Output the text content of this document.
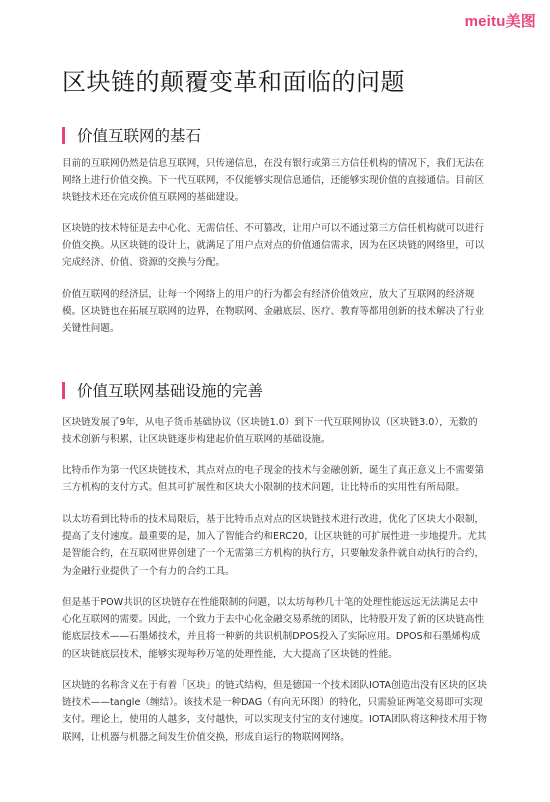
meitu美图
区块链的颠覆变革和面临的问题
价值互联网的基石

目前的互联网仍然是信息互联网，只传递信息，在没有银行或第三方信任机构的情况下，我们无法在
网络上进行价值交换。下一代互联网，不仅能够实现信息通信，还能够实现价值的直接通信。目前区
块链技术还在完成价值互联网的基础建设。

区块链的技术特征是去中心化、无需信任、不可篡改，让用户可以不通过第三方信任机构就可以进行
价值交换。从区块链的设计上，就满足了用户点对点的价值通信需求，因为在区块链的网络里，可以
完成经济、价值、资源的交换与分配。

价值互联网的经济层，让每一个网络上的用户的行为都会有经济价值效应，放大了互联网的经济规
模。区块链也在拓展互联网的边界，在物联网、金融底层、医疗、教育等都用创新的技术解决了行业
关键性问题。

价值互联网基础设施的完善

区块链发展了9年，从电子货币基础协议（区块链1.0）到下一代互联网协议（区块链3.0），无数的
技术创新与积累，让区块链逐步构建起价值互联网的基础设施。

比特币作为第一代区块链技术，其点对点的电子现金的技术与金融创新，诞生了真正意义上不需要第
三方机构的支付方式。但其可扩展性和区块大小限制的技术问题，让比特币的实用性有所局限。

以太坊看到比特币的技术局限后，基于比特币点对点的区块链技术进行改进，优化了区块大小限制，
提高了支付速度。最重要的是，加入了智能合约和ERC20，让区块链的可扩展性进一步地提升。尤其
是智能合约，在互联网世界创建了一个无需第三方机构的执行方，只要触发条件就自动执行的合约，
为金融行业提供了一个有力的合约工具。

但是基于POW共识的区块链存在性能限制的问题，以太坊每秒几十笔的处理性能远远无法满足去中
心化互联网的需要。因此，一个致力于去中心化金融交易系统的团队，比特股开发了新的区块链高性
能底层技术——石墨烯技术，并且将一种新的共识机制DPOS投入了实际应用。DPOS和石墨烯构成
的区块链底层技术，能够实现每秒万笔的处理性能，大大提高了区块链的性能。

区块链的名称含义在于有着「区块」的链式结构，但是德国一个技术团队IOTA创造出没有区块的区块
链技术——tangle（缠结）。该技术是一种DAG（有向无环图）的特化，只需验证两笔交易即可实现
支付。理论上，使用的人越多，支付越快，可以实现支付宝的支付速度。IOTA团队将这种技术用于物
联网，让机器与机器之间发生价值交换，形成自运行的物联网网络。
